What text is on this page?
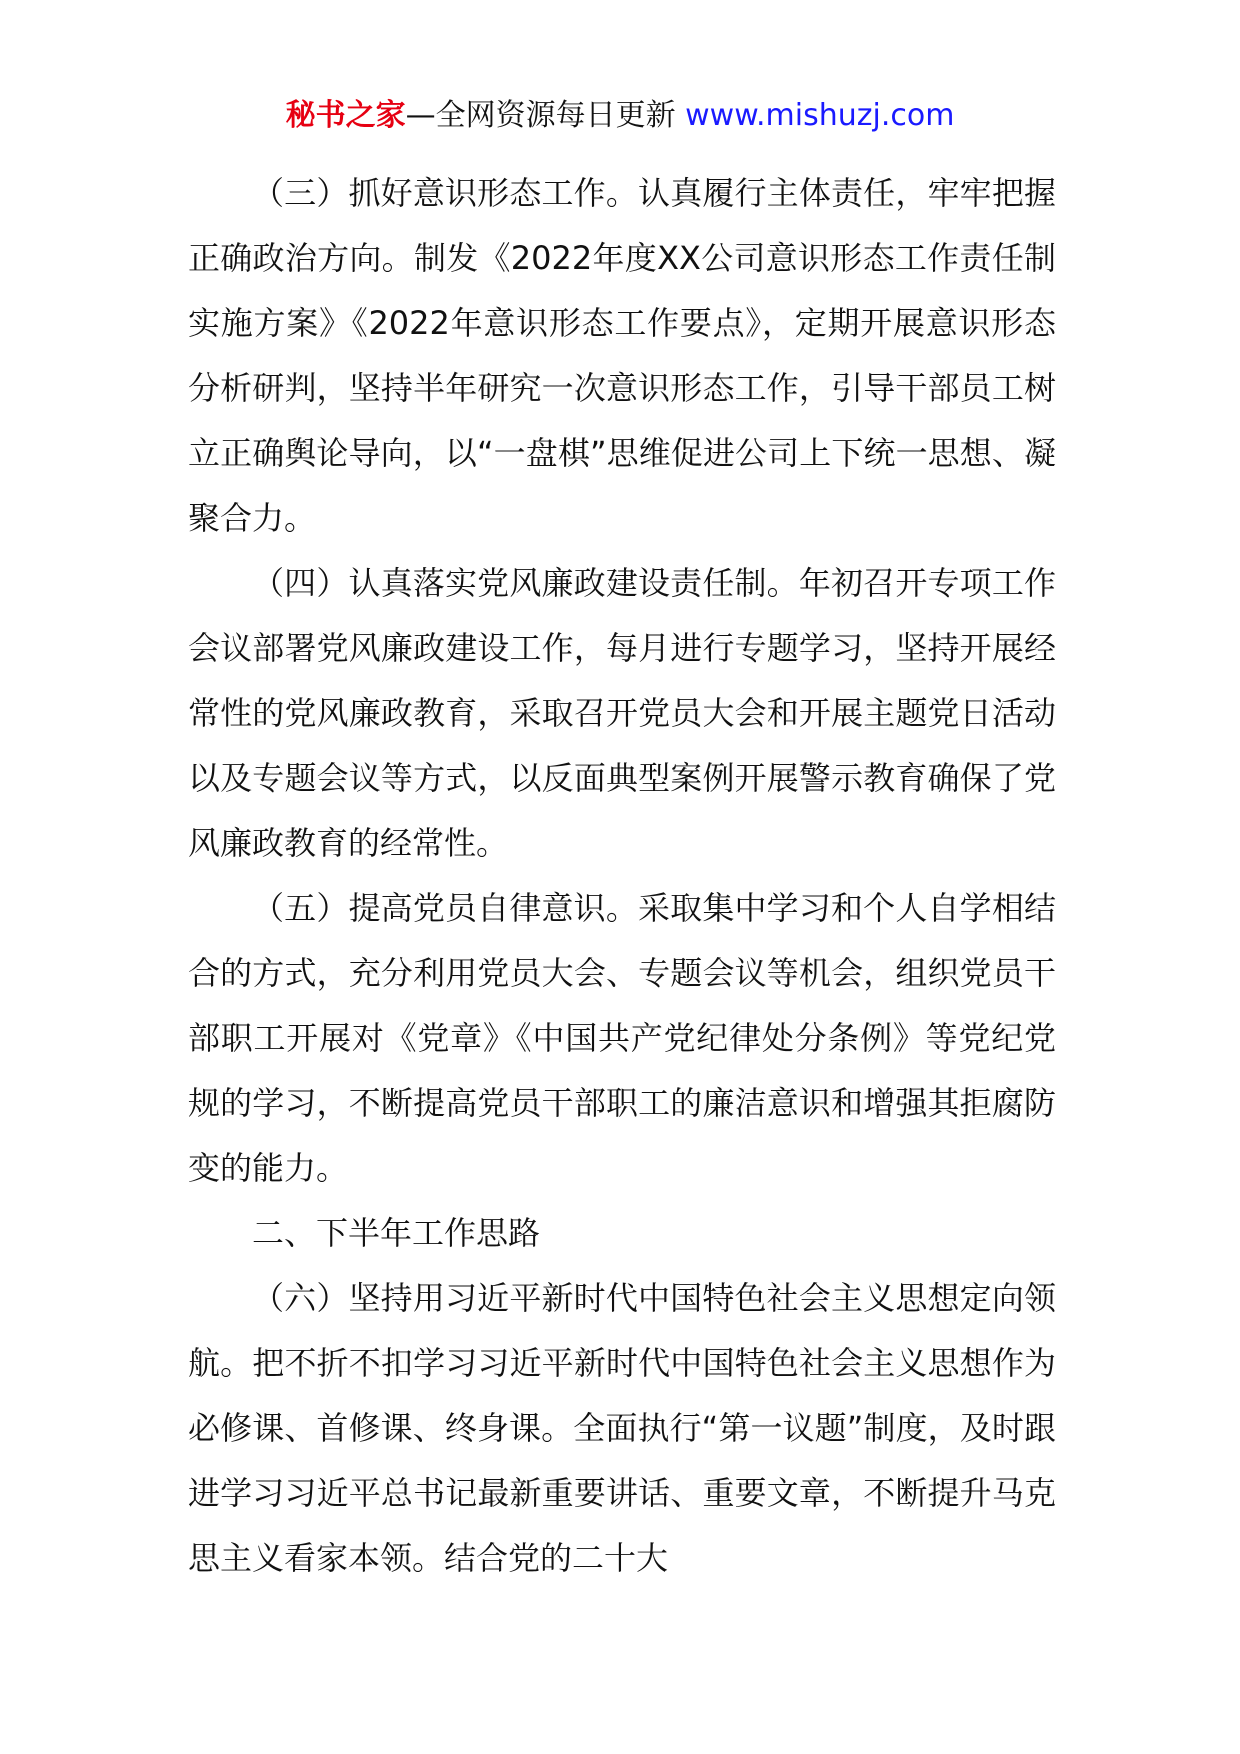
秘书之家—全网资源每日更新 www.mishuzj.com

（三）抓好意识形态工作。认真履行主体责任，牢牢把握正确政治方向。制发《2022年度XX公司意识形态工作责任制实施方案》《2022年意识形态工作要点》，定期开展意识形态分析研判，坚持半年研究一次意识形态工作，引导干部员工树立正确舆论导向，以“一盘棋”思维促进公司上下统一思想、凝聚合力。

（四）认真落实党风廉政建设责任制。年初召开专项工作会议部署党风廉政建设工作，每月进行专题学习，坚持开展经常性的党风廉政教育，采取召开党员大会和开展主题党日活动以及专题会议等方式，以反面典型案例开展警示教育确保了党风廉政教育的经常性。

（五）提高党员自律意识。采取集中学习和个人自学相结合的方式，充分利用党员大会、专题会议等机会，组织党员干部职工开展对《党章》《中国共产党纪律处分条例》等党纪党规的学习，不断提高党员干部职工的廉洁意识和增强其拒腐防变的能力。

二、下半年工作思路

（六）坚持用习近平新时代中国特色社会主义思想定向领航。把不折不扣学习习近平新时代中国特色社会主义思想作为必修课、首修课、终身课。全面执行“第一议题”制度，及时跟进学习习近平总书记最新重要讲话、重要文章，不断提升马克思主义看家本领。结合党的二十大
